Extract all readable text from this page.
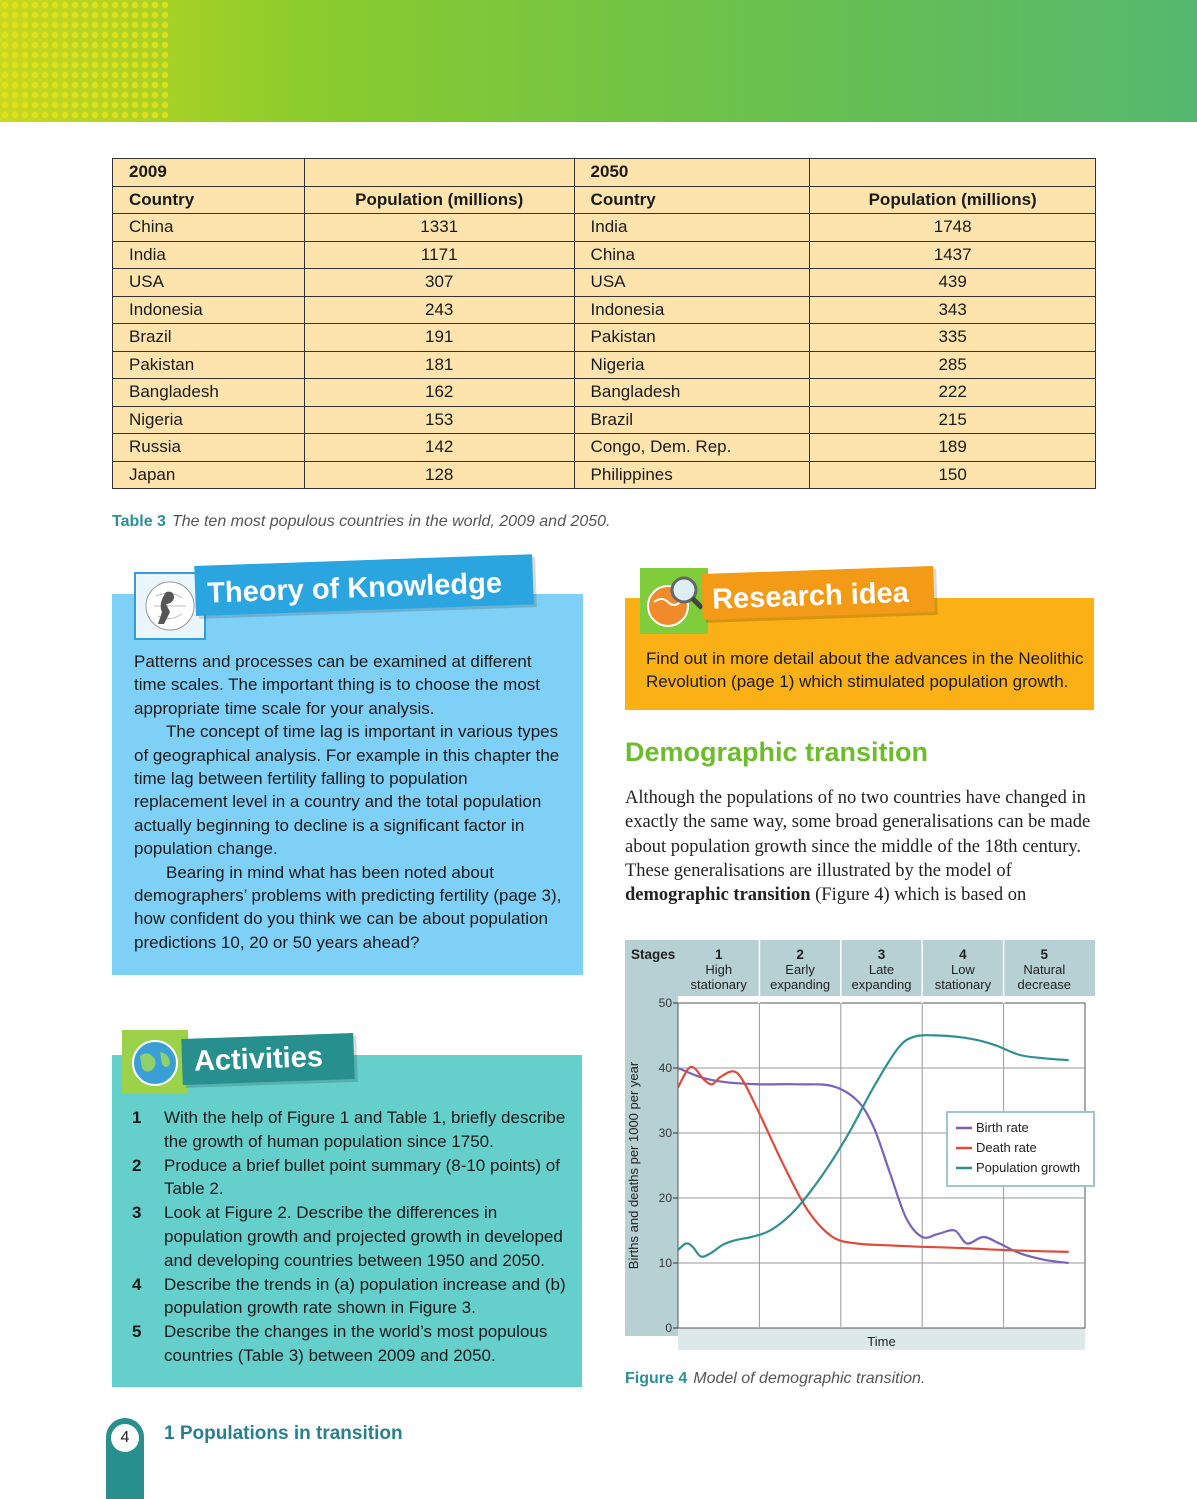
2009		2050	
Country	Population (millions)	Country	Population (millions)
China	1331	India	1748
India	1171	China	1437
USA	307	USA	439
Indonesia	243	Indonesia	343
Brazil	191	Pakistan	335
Pakistan	181	Nigeria	285
Bangladesh	162	Bangladesh	222
Nigeria	153	Brazil	215
Russia	142	Congo, Dem. Rep.	189
Japan	128	Philippines	150
Table 3 The ten most populous countries in the world, 2009 and 2050.
Theory of Knowledge

Patterns and processes can be examined at different time scales. The important thing is to choose the most appropriate time scale for your analysis.

The concept of time lag is important in various types of geographical analysis. For example in this chapter the time lag between fertility falling to population replacement level in a country and the total population actually beginning to decline is a significant factor in population change.

Bearing in mind what has been noted about demographers’ problems with predicting fertility (page 3), how confident do you think we can be about population predictions 10, 20 or 50 years ahead?

Research idea
Find out in more detail about the advances in the Neolithic Revolution (page 1) which stimulated population growth.
Demographic transition
Although the populations of no two countries have changed in exactly the same way, some broad generalisations can be made about population growth since the middle of the 18th century. These generalisations are illustrated by the model of demographic transition (Figure 4) which is based on
Activities
1 With the help of Figure 1 and Table 1, briefly describe the growth of human population since 1750.
2 Produce a brief bullet point summary (8-10 points) of Table 2.
3 Look at Figure 2. Describe the differences in population growth and projected growth in developed and developing countries between 1950 and 2050.
4 Describe the trends in (a) population increase and (b) population growth rate shown in Figure 3.
5 Describe the changes in the world’s most populous countries (Table 3) between 2009 and 2050.
0
10
20
30
40
50
Stages	1
High
stationary
2
Early
expanding
3
Late
expanding
4
Low
stationary
5
Natural
decrease
Time
Births and deaths per 1000 per year	Birth rate
Death rate
Population growth
Figure 4 Model of demographic transition.
4	1 Populations in transition
